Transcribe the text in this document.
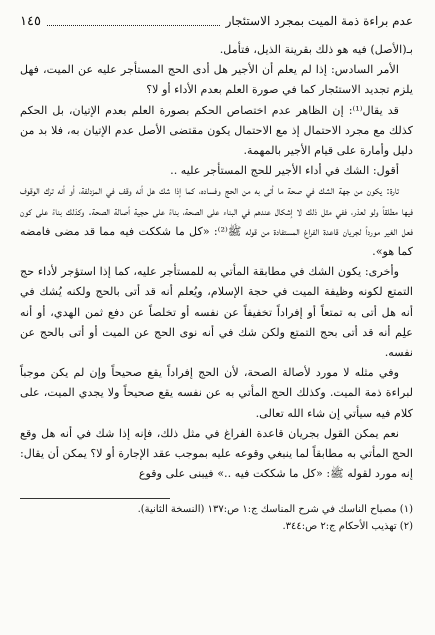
عدم براءة ذمة الميت بمجرد الاستئجار
١٤٥

بـ(الأصل) فيه هو ذلك بقرينة الذيل، فتأمل.

الأمر السادس: إذا لم يعلم أن الأجير هل أدى الحج المستأجر عليه عن الميت، فهل يلزم تجديد الاستئجار كما في صورة العلم بعدم الأداء أو لا؟

قد يقال⁽¹⁾: إن الظاهر عدم اختصاص الحكم بصورة العلم بعدم الإتيان، بل الحكم كذلك مع مجرد الاحتمال إذ مع الاحتمال يكون مقتضى الأصل عدم الإتيان به، فلا بد من دليل وأمارة على قيام الأجير بالمهمة.

أقول: الشك في أداء الأجير للحج المستأجر عليه ..

تارة: يكون من جهة الشك في صحة ما أتى به من الحج وفساده، كما إذا شك هل أنه وقف في المزدلفة، أو أنه ترك الوقوف فيها مطلقاً ولو لعذر، ففي مثل ذلك لا إشكال عندهم في البناء على الصحة، بناءً على حجية أصالة الصحة. وكذلك بناءً على كون فعل الغير مورداً لجريان قاعدة الفراغ المستفادة من قوله ﷺ⁽²⁾: «كل ما شككت فيه مما قد مضى فامضه كما هو».

وأخرى: يكون الشك في مطابقة المأتي به للمستأجر عليه، كما إذا استؤجر لأداء حج التمتع لكونه وظيفة الميت في حجة الإسلام، ويُعلم أنه قد أتى بالحج ولكنه يُشك في أنه هل أتى به تمتعاً أو إفراداً تخفيفاً عن نفسه أو تخلصاً عن دفع ثمن الهدي، أو أنه علِم أنه قد أتى بحج التمتع ولكن شك في أنه نوى الحج عن الميت أو أتى بالحج عن نفسه.

وفي مثله لا مورد لأصالة الصحة، لأن الحج إفراداً يقع صحيحاً وإن لم يكن موجباً لبراءة ذمة الميت. وكذلك الحج المأتي به عن نفسه يقع صحيحاً ولا يجدي الميت، على كلام فيه سيأتي إن شاء الله تعالى.

نعم يمكن القول بجريان قاعدة الفراغ في مثل ذلك، فإنه إذا شك في أنه هل وقع الحج المأتي به مطابقاً لما ينبغي وقوعه عليه بموجب عقد الإجارة أو لا؟ يمكن أن يقال: إنه مورد لقوله ﷺ: «كل ما شككت فيه ..» فيبنى على وقوع

(١) مصباح الناسك في شرح المناسك ج:١ ص:١٣٧ (النسخة الثانية).

(٢) تهذيب الأحكام ج:٢ ص:٣٤٤.
